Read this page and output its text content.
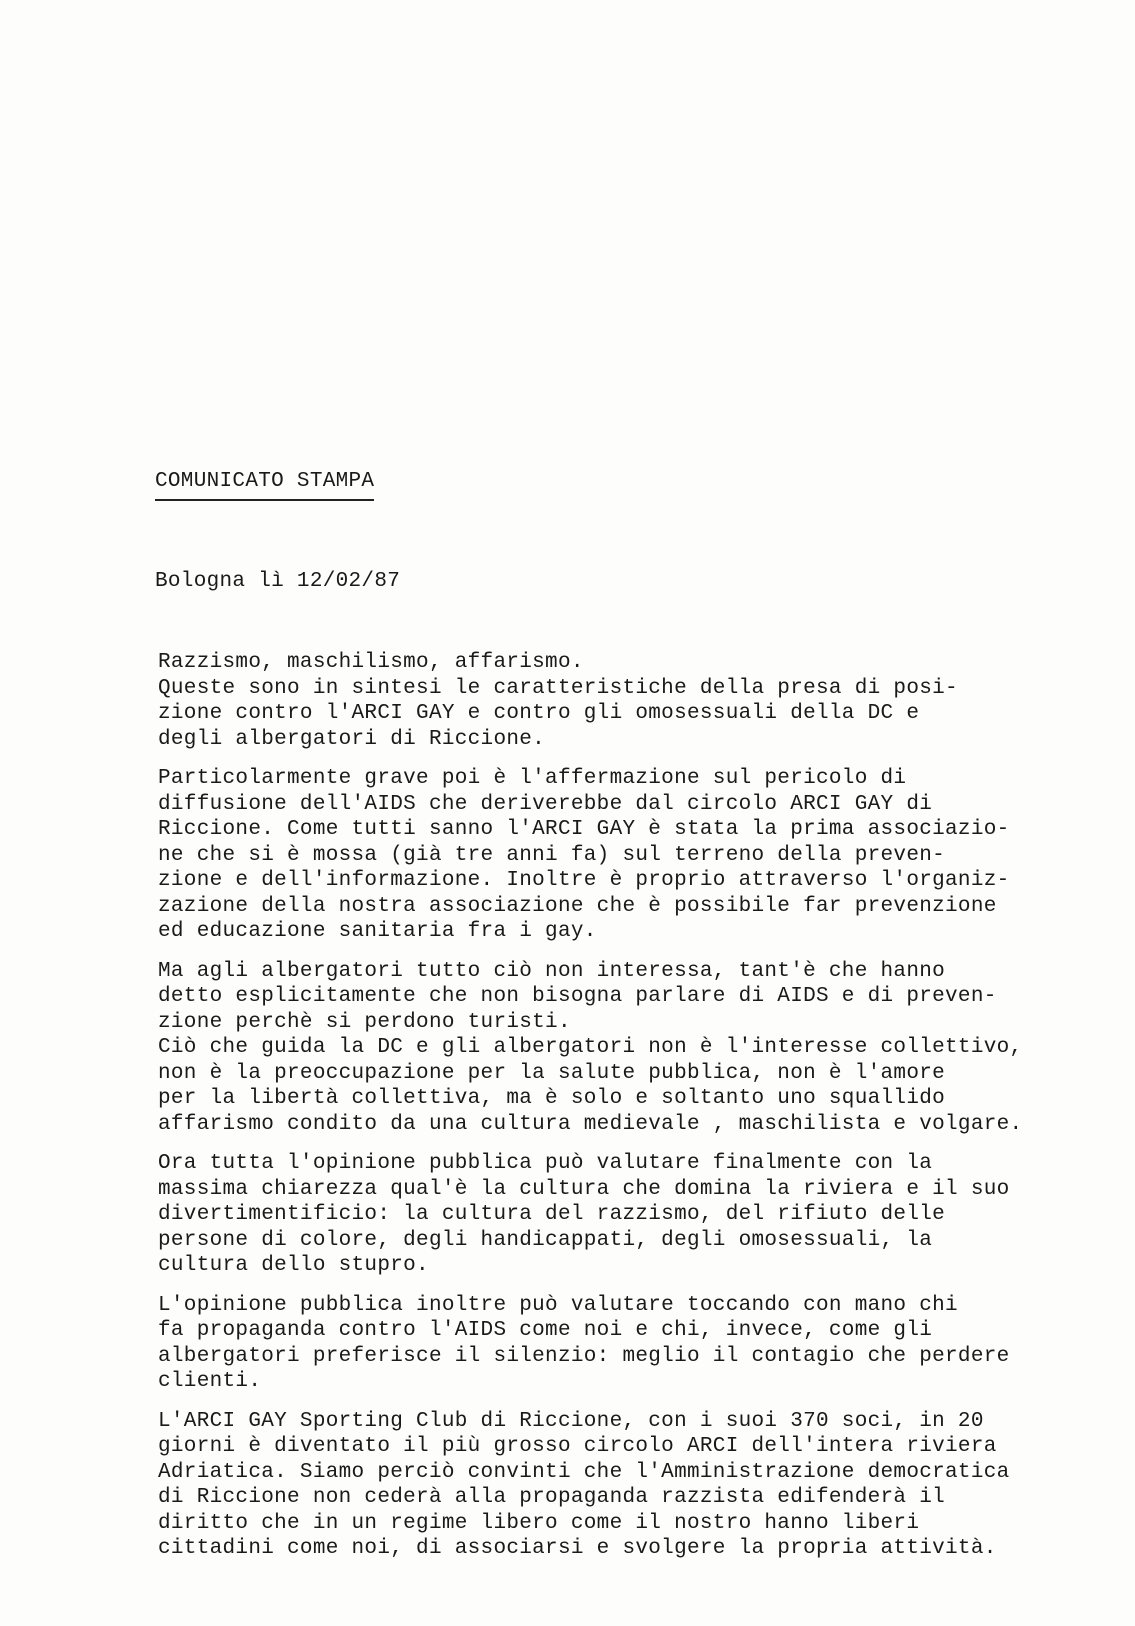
COMUNICATO STAMPA
Bologna lì 12/02/87
Razzismo, maschilismo, affarismo.
Queste sono in sintesi le caratteristiche della presa di posi-
zione contro l'ARCI GAY e contro gli omosessuali della DC e
degli albergatori di Riccione.
Particolarmente grave poi è l'affermazione sul pericolo di
diffusione dell'AIDS che deriverebbe dal circolo ARCI GAY di
Riccione. Come tutti sanno l'ARCI GAY è stata la prima associazio-
ne che si è mossa (già tre anni fa) sul terreno della preven-
zione e dell'informazione. Inoltre è proprio attraverso l'organiz-
zazione della nostra associazione che è possibile far prevenzione
ed educazione sanitaria fra i gay.
Ma agli albergatori tutto ciò non interessa, tant'è che hanno
detto esplicitamente che non bisogna parlare di AIDS e di preven-
zione perchè si perdono turisti.
Ciò che guida la DC e gli albergatori non è l'interesse collettivo,
non è la preoccupazione per la salute pubblica, non è l'amore
per la libertà collettiva, ma è solo e soltanto uno squallido
affarismo condito da una cultura medievale , maschilista e volgare.
Ora tutta l'opinione pubblica può valutare finalmente con la
massima chiarezza qual'è la cultura che domina la riviera e il suo
divertimentificio: la cultura del razzismo, del rifiuto delle
persone di colore, degli handicappati, degli omosessuali, la
cultura dello stupro.
L'opinione pubblica inoltre può valutare toccando con mano chi
fa propaganda contro l'AIDS come noi e chi, invece, come gli
albergatori preferisce il silenzio: meglio il contagio che perdere
clienti.
L'ARCI GAY Sporting Club di Riccione, con i suoi 370 soci, in 20
giorni è diventato il più grosso circolo ARCI dell'intera riviera
Adriatica. Siamo perciò convinti che l'Amministrazione democratica
di Riccione non cederà alla propaganda razzista edifenderà il
diritto che in un regime libero come il nostro hanno liberi
cittadini come noi, di associarsi e svolgere la propria attività.
